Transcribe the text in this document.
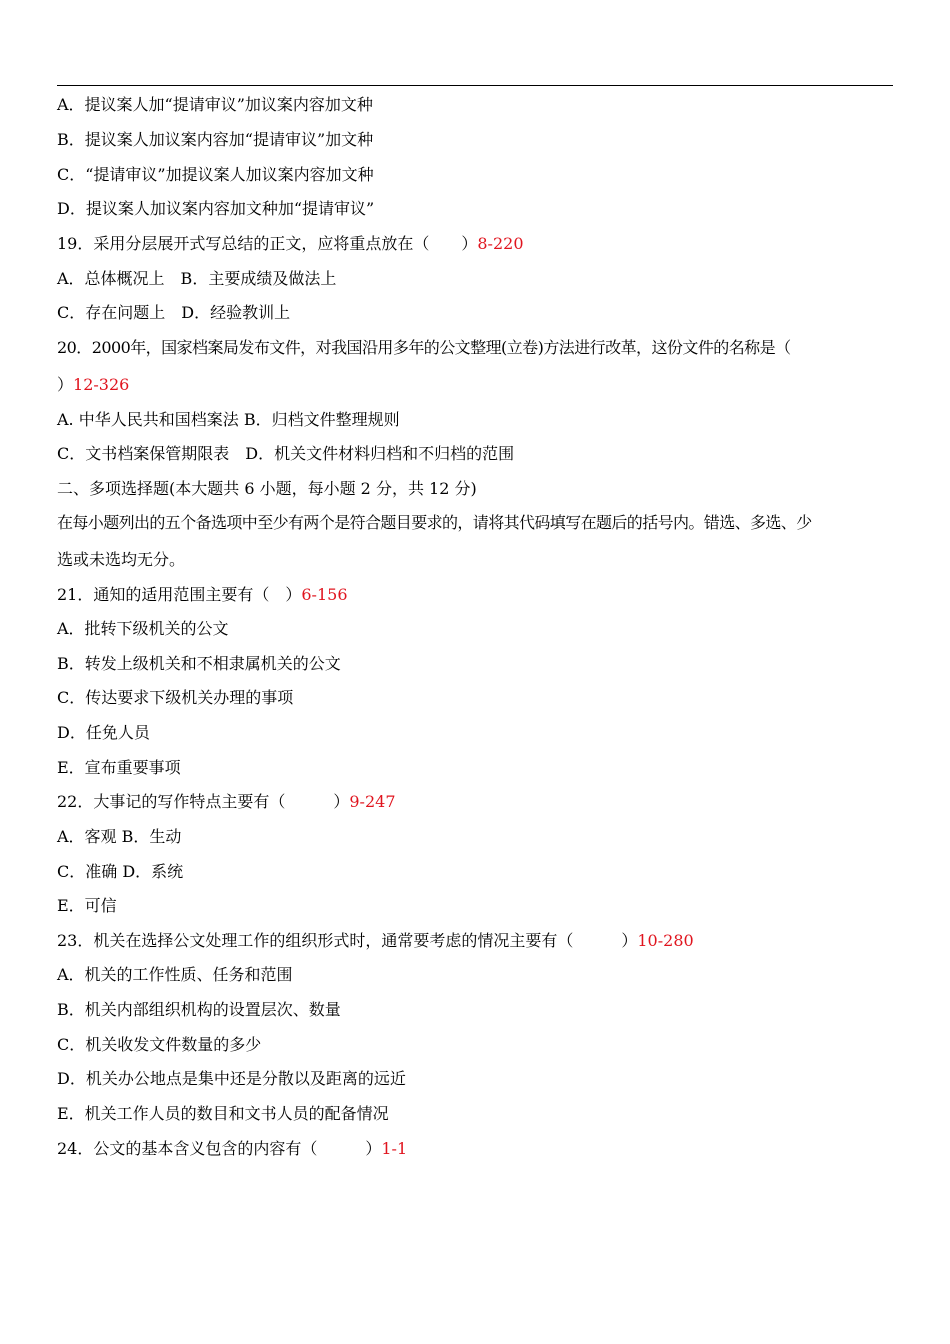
A．提议案人加“提请审议”加议案内容加文种
B．提议案人加议案内容加“提请审议”加文种
C．“提请审议”加提议案人加议案内容加文种
D．提议案人加议案内容加文种加“提请审议”
19．采用分层展开式写总结的正文，应将重点放在（　　）8-220
A．总体概况上　B．主要成绩及做法上
C．存在问题上　D．经验教训上
20．2000年，国家档案局发布文件，对我国沿用多年的公文整理(立卷)方法进行改革，这份文件的名称是（
）12-326
A. 中华人民共和国档案法 B．归档文件整理规则
C．文书档案保管期限表　D．机关文件材料归档和不归档的范围
二、多项选择题(本大题共 6 小题，每小题 2 分，共 12 分)
在每小题列出的五个备选项中至少有两个是符合题目要求的，请将其代码填写在题后的括号内。错选、多选、少
选或未选均无分。
21．通知的适用范围主要有（　）6-156
A．批转下级机关的公文
B．转发上级机关和不相隶属机关的公文
C．传达要求下级机关办理的事项
D．任免人员
E．宣布重要事项
22．大事记的写作特点主要有（　　　）9-247
A．客观 B．生动
C．准确 D．系统
E．可信
23．机关在选择公文处理工作的组织形式时，通常要考虑的情况主要有（　　　）10-280
A．机关的工作性质、任务和范围
B．机关内部组织机构的设置层次、数量
C．机关收发文件数量的多少
D．机关办公地点是集中还是分散以及距离的远近
E．机关工作人员的数目和文书人员的配备情况
24．公文的基本含义包含的内容有（　　　）1-1
